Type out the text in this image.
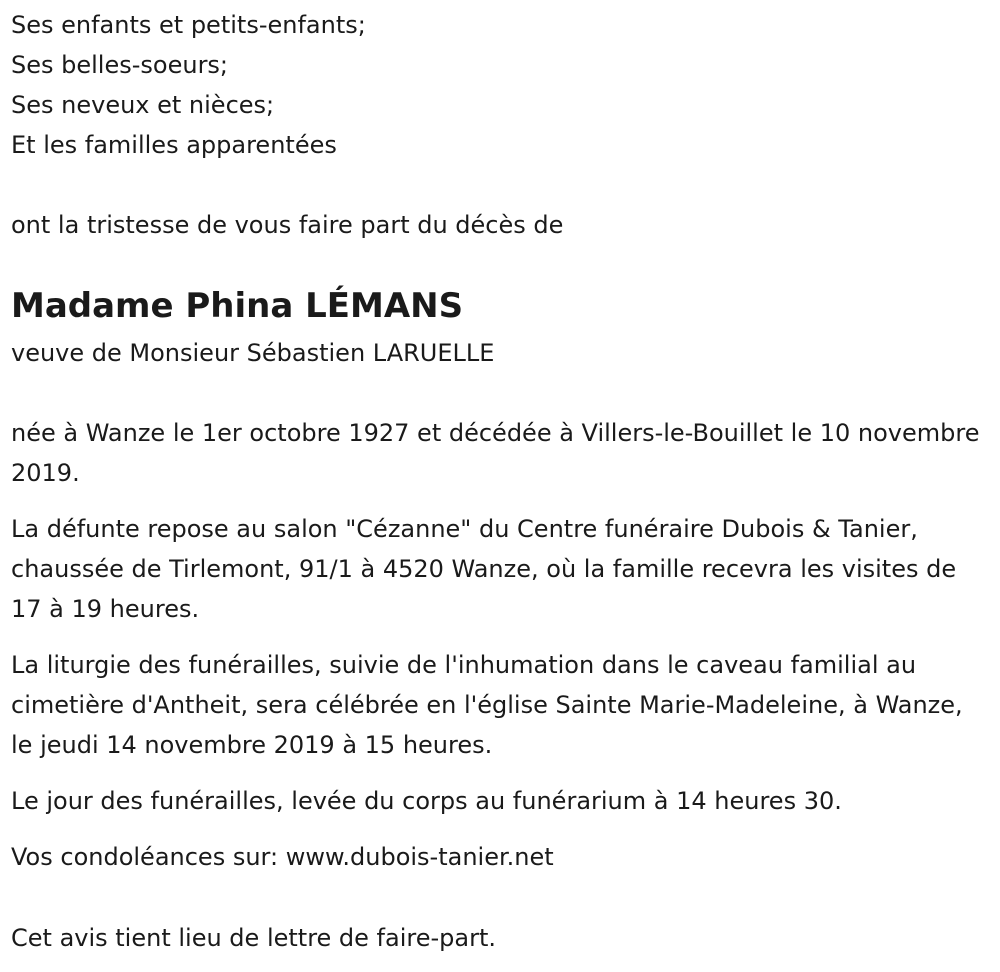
Ses enfants et petits-enfants;

Ses belles-soeurs;

Ses neveux et nièces;

Et les familles apparentées

ont la tristesse de vous faire part du décès de

Madame Phina LÉMANS

veuve de Monsieur Sébastien LARUELLE

née à Wanze le 1er octobre 1927 et décédée à Villers-le-Bouillet le 10 novembre 2019.

La défunte repose au salon "Cézanne" du Centre funéraire Dubois & Tanier, chaussée de Tirlemont, 91/1 à 4520 Wanze, où la famille recevra les visites de 17 à 19 heures.

La liturgie des funérailles, suivie de l'inhumation dans le caveau familial au cimetière d'Antheit, sera célébrée en l'église Sainte Marie-Madeleine, à Wanze, le jeudi 14 novembre 2019 à 15 heures.

Le jour des funérailles, levée du corps au funérarium à 14 heures 30.

Vos condoléances sur: www.dubois-tanier.net

Cet avis tient lieu de lettre de faire-part.
